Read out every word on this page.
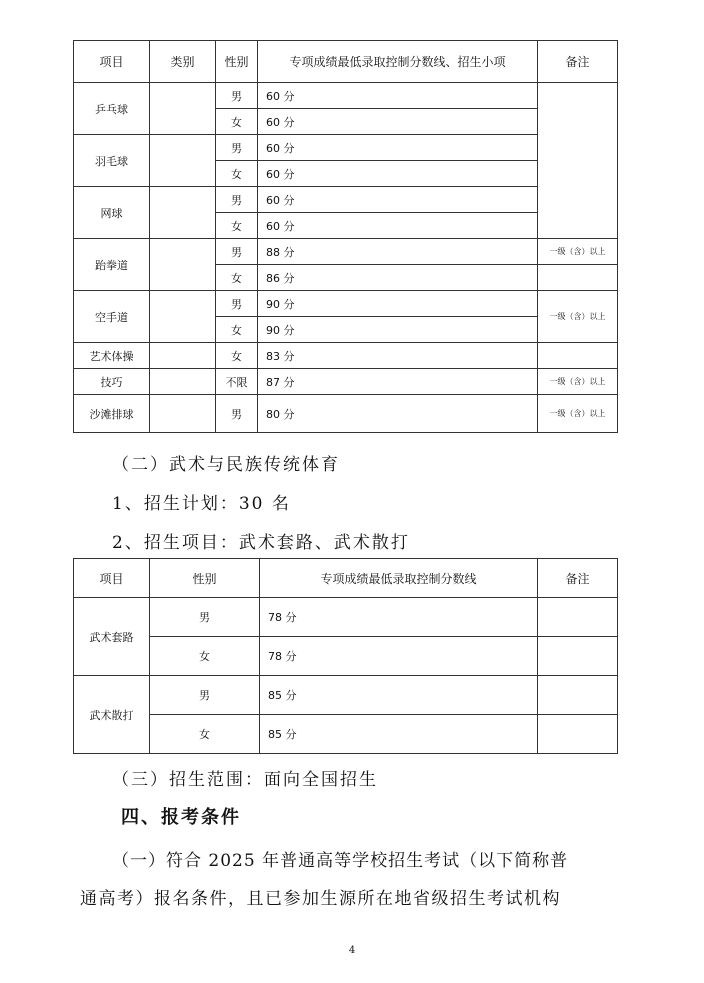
项目	类别	性别	专项成绩最低录取控制分数线、招生小项	备注
乒乓球		男	60 分	
		女	60 分	
羽毛球		男	60 分	
		女	60 分	
网球		男	60 分	
		女	60 分	
跆拳道		男	88 分	一级（含）以上
		女	86 分	
空手道		男	90 分	一级（含）以上
		女	90 分	
艺术体操		女	83 分	
技巧		不限	87 分	一级（含）以上
沙滩排球		男	80 分	一级（含）以上

（二）武术与民族传统体育

1、招生计划：30 名

2、招生项目：武术套路、武术散打

项目	性别	专项成绩最低录取控制分数线	备注
武术套路	男	78 分	
	女	78 分	
武术散打	男	85 分	
	女	85 分	

（三）招生范围：面向全国招生

四、报考条件

（一）符合 2025 年普通高等学校招生考试（以下简称普

通高考）报名条件，且已参加生源所在地省级招生考试机构

4
